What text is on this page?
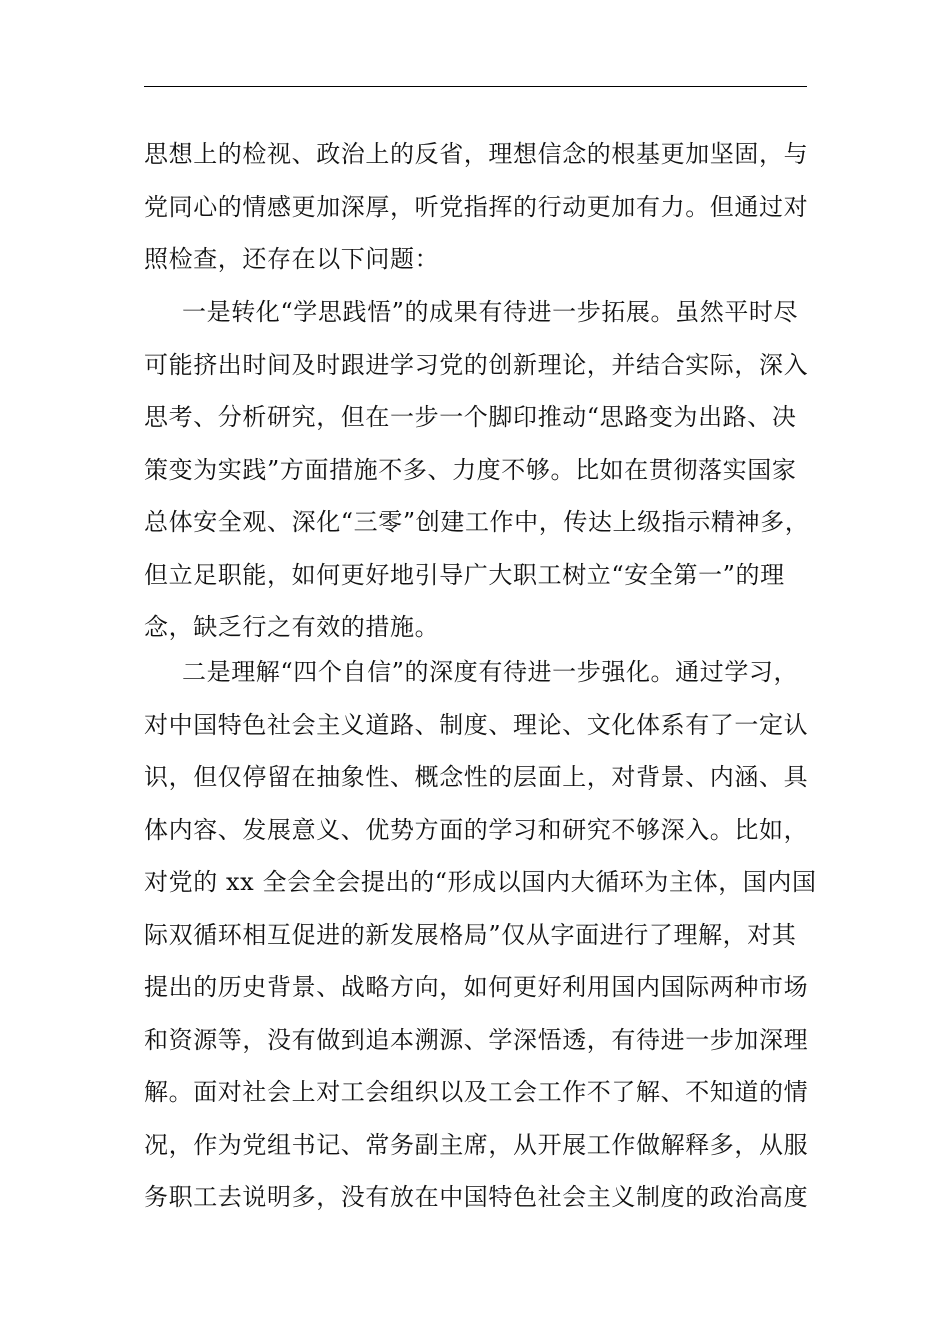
思想上的检视、政治上的反省，理想信念的根基更加坚固，与
党同心的情感更加深厚，听党指挥的行动更加有力。但通过对
照检查，还存在以下问题：
一是转化“学思践悟”的成果有待进一步拓展。虽然平时尽
可能挤出时间及时跟进学习党的创新理论，并结合实际，深入
思考、分析研究，但在一步一个脚印推动“思路变为出路、决
策变为实践”方面措施不多、力度不够。比如在贯彻落实国家
总体安全观、深化“三零”创建工作中，传达上级指示精神多，
但立足职能，如何更好地引导广大职工树立“安全第一”的理
念，缺乏行之有效的措施。
二是理解“四个自信”的深度有待进一步强化。通过学习，
对中国特色社会主义道路、制度、理论、文化体系有了一定认
识，但仅停留在抽象性、概念性的层面上，对背景、内涵、具
体内容、发展意义、优势方面的学习和研究不够深入。比如，
对党的 xx 全会全会提出的“形成以国内大循环为主体，国内国
际双循环相互促进的新发展格局”仅从字面进行了理解，对其
提出的历史背景、战略方向，如何更好利用国内国际两种市场
和资源等，没有做到追本溯源、学深悟透，有待进一步加深理
解。面对社会上对工会组织以及工会工作不了解、不知道的情
况，作为党组书记、常务副主席，从开展工作做解释多，从服
务职工去说明多，没有放在中国特色社会主义制度的政治高度
